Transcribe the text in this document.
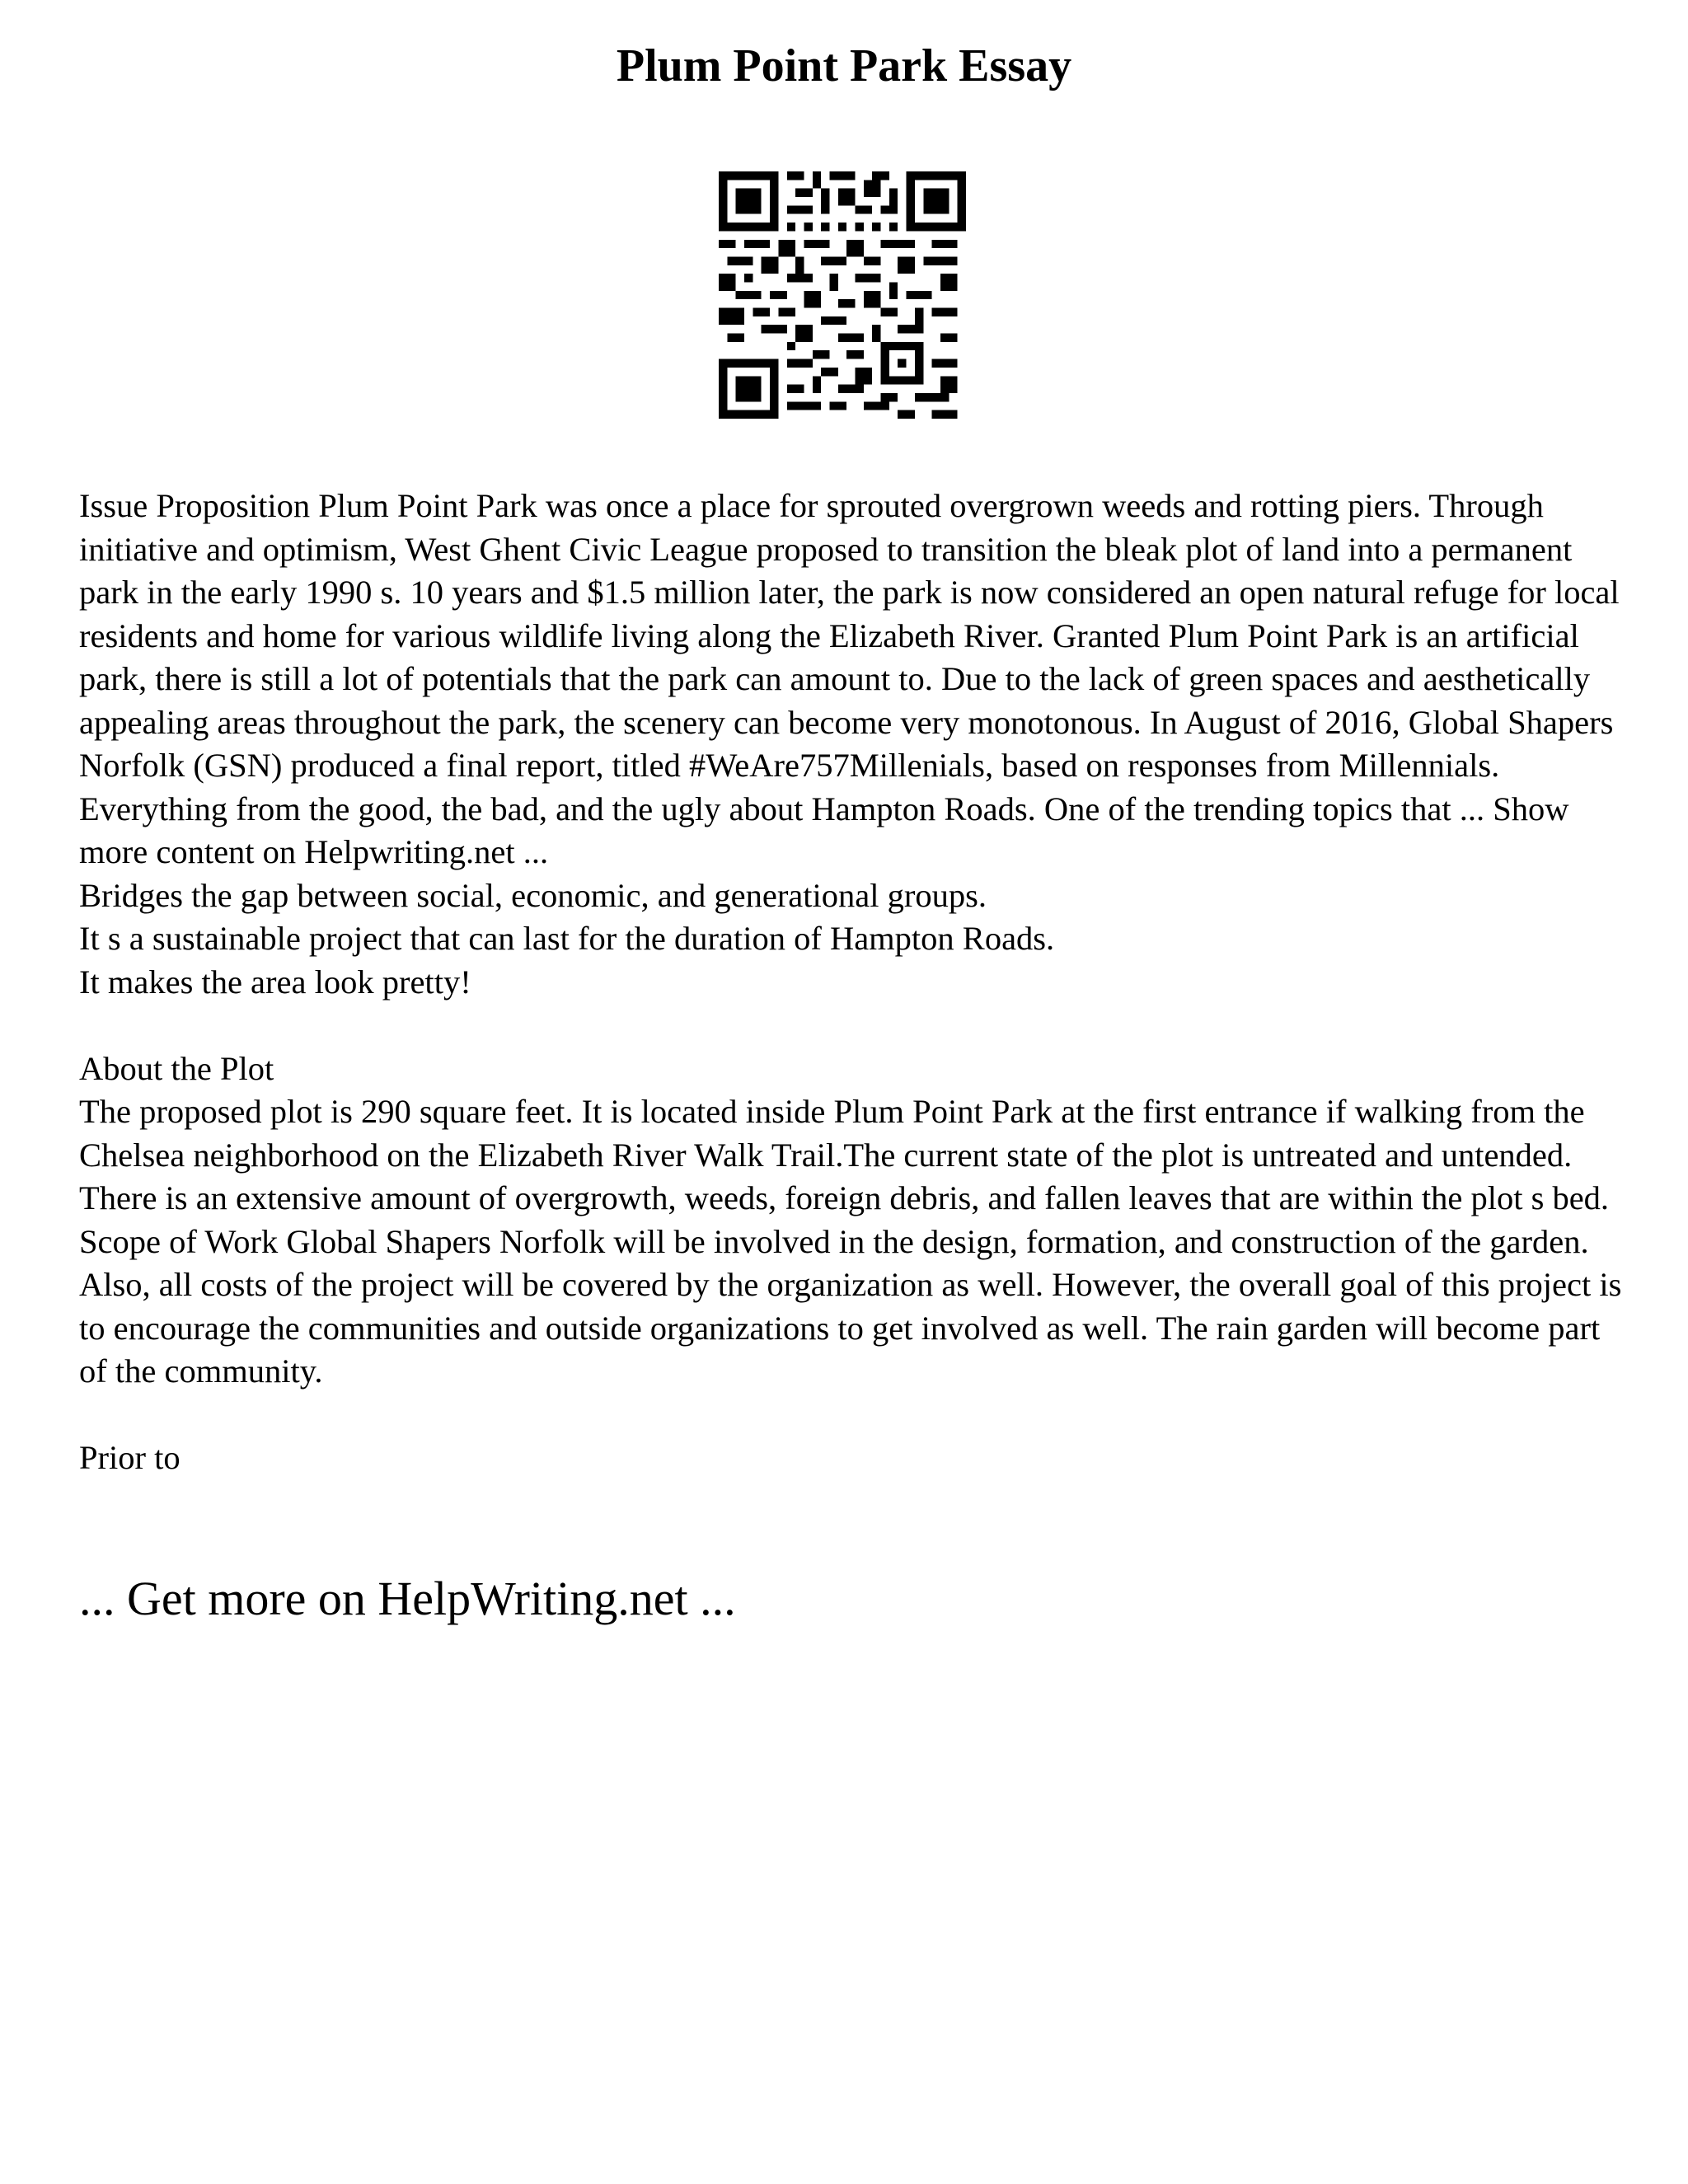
Plum Point Park Essay

Issue Proposition Plum Point Park was once a place for sprouted overgrown weeds and rotting piers. Through initiative and optimism, West Ghent Civic League proposed to transition the bleak plot of land into a permanent park in the early 1990 s. 10 years and $1.5 million later, the park is now considered an open natural refuge for local residents and home for various wildlife living along the Elizabeth River. Granted Plum Point Park is an artificial park, there is still a lot of potentials that the park can amount to. Due to the lack of green spaces and aesthetically appealing areas throughout the park, the scenery can become very monotonous. In August of 2016, Global Shapers Norfolk (GSN) produced a final report, titled #WeAre757Millenials, based on responses from Millennials. Everything from the good, the bad, and the ugly about Hampton Roads. One of the trending topics that ... Show more content on Helpwriting.net ...

Bridges the gap between social, economic, and generational groups.

It s a sustainable project that can last for the duration of Hampton Roads.

It makes the area look pretty!

About the Plot

The proposed plot is 290 square feet. It is located inside Plum Point Park at the first entrance if walking from the Chelsea neighborhood on the Elizabeth River Walk Trail.The current state of the plot is untreated and untended. There is an extensive amount of overgrowth, weeds, foreign debris, and fallen leaves that are within the plot s bed. Scope of Work Global Shapers Norfolk will be involved in the design, formation, and construction of the garden. Also, all costs of the project will be covered by the organization as well. However, the overall goal of this project is to encourage the communities and outside organizations to get involved as well. The rain garden will become part of the community.

Prior to

... Get more on HelpWriting.net ...
